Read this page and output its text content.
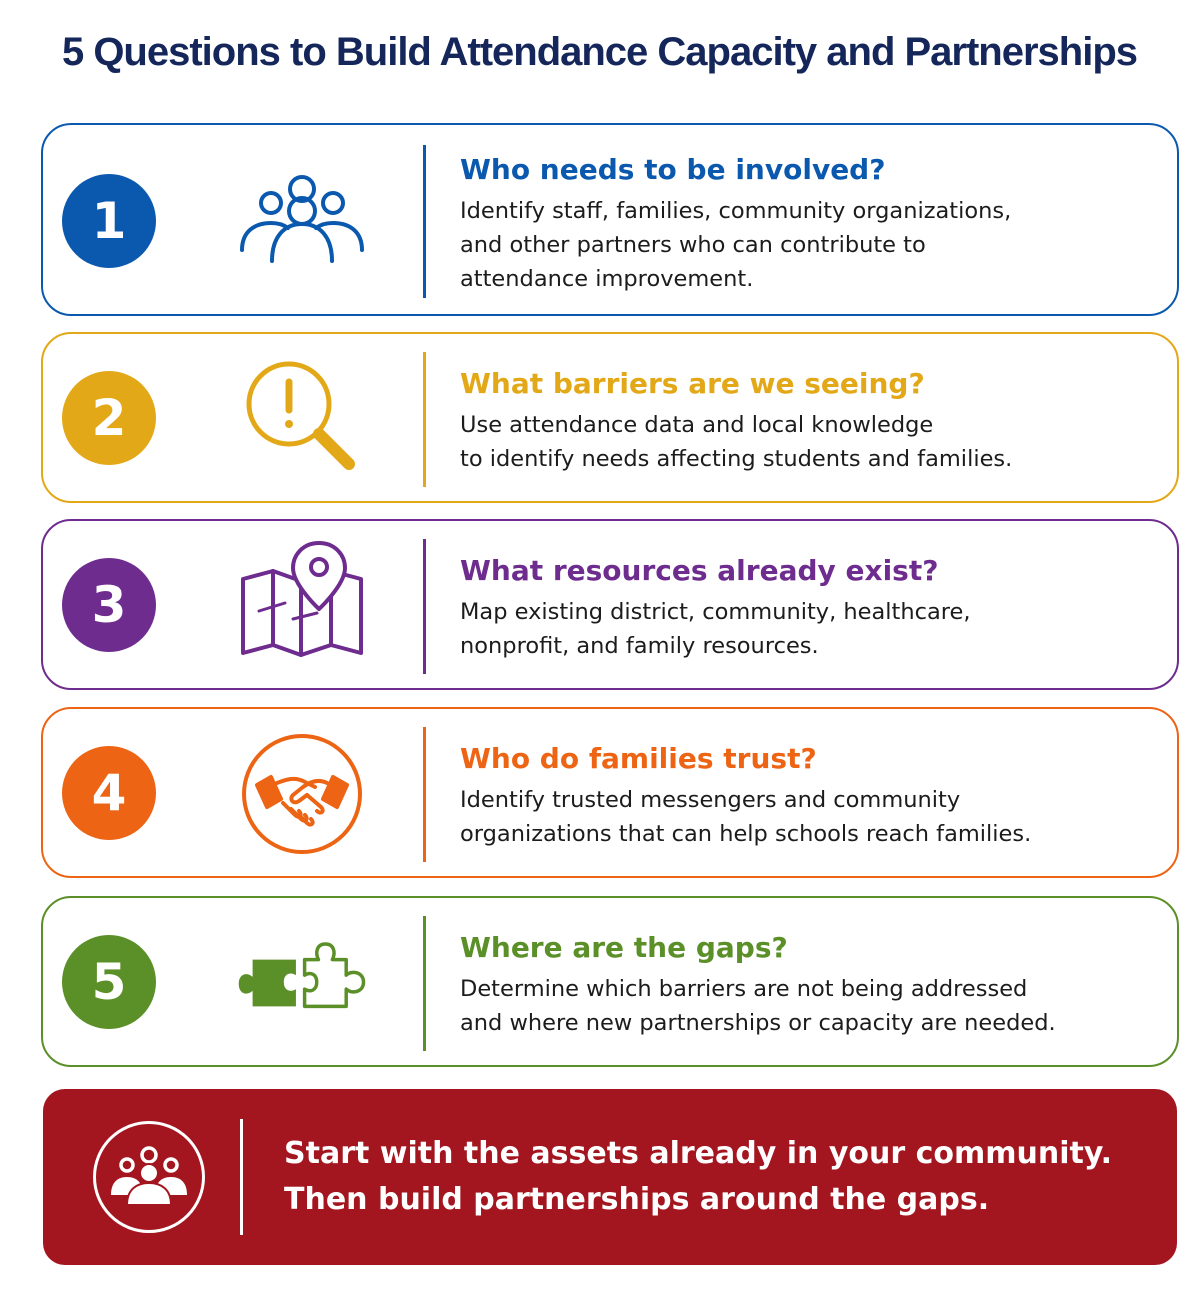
5 Questions to Build Attendance Capacity and Partnerships
1
Who needs to be involved?
Identify staff, families, community organizations,
and other partners who can contribute to
attendance improvement.
2
What barriers are we seeing?
Use attendance data and local knowledge
to identify needs affecting students and families.
3
What resources already exist?
Map existing district, community, healthcare,
nonprofit, and family resources.
4
Who do families trust?
Identify trusted messengers and community
organizations that can help schools reach families.
5
Where are the gaps?
Determine which barriers are not being addressed
and where new partnerships or capacity are needed.
Start with the assets already in your community.
Then build partnerships around the gaps.
